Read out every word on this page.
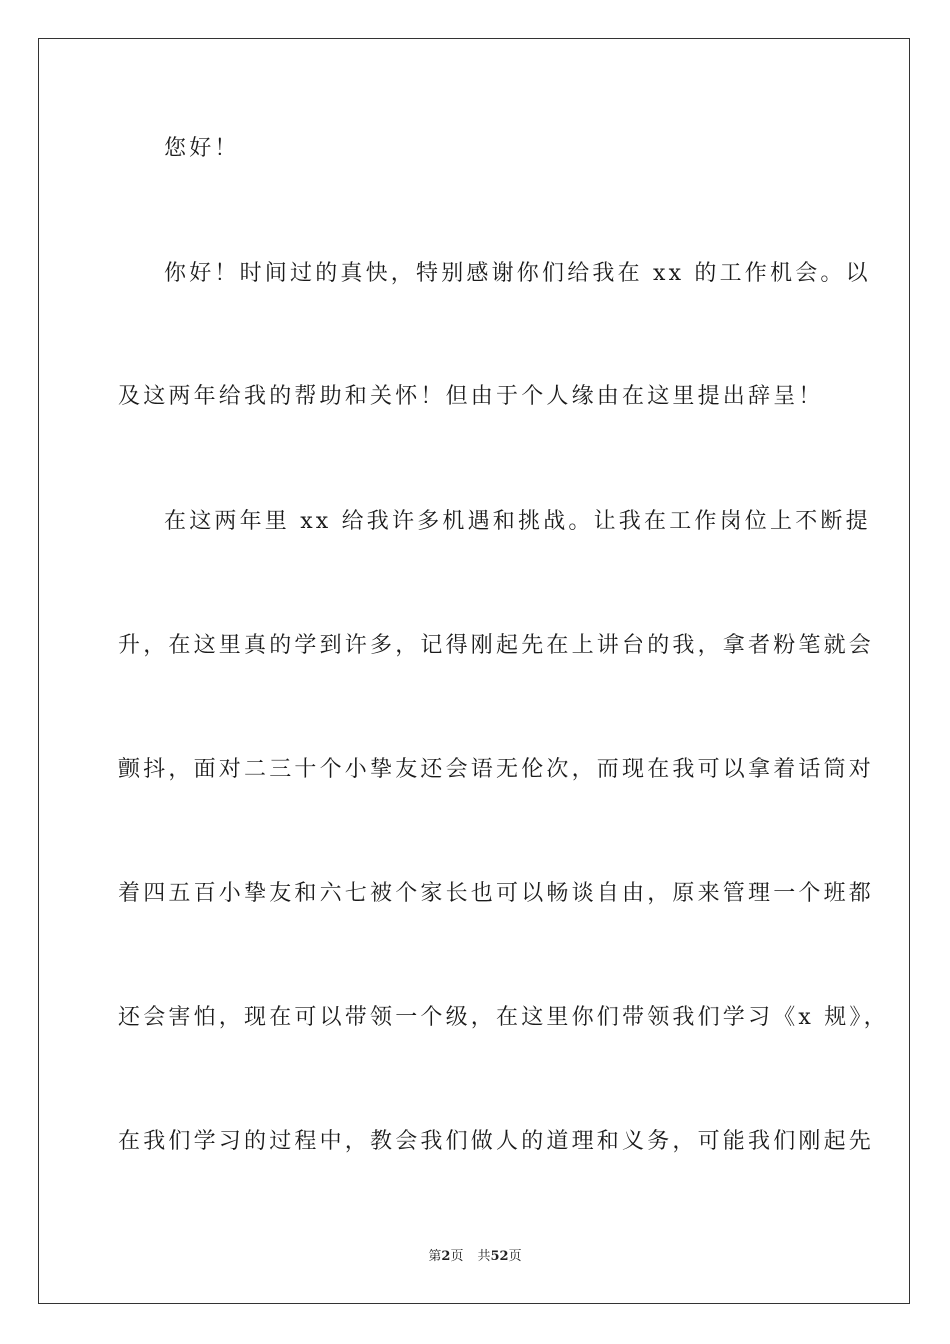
您好！
你好！时间过的真快，特别感谢你们给我在 xx 的工作机会。以
及这两年给我的帮助和关怀！但由于个人缘由在这里提出辞呈！
在这两年里 xx 给我许多机遇和挑战。让我在工作岗位上不断提
升，在这里真的学到许多，记得刚起先在上讲台的我，拿者粉笔就会
颤抖，面对二三十个小挚友还会语无伦次，而现在我可以拿着话筒对
着四五百小挚友和六七被个家长也可以畅谈自由，原来管理一个班都
还会害怕，现在可以带领一个级，在这里你们带领我们学习《x 规》，
在我们学习的过程中，教会我们做人的道理和义务，可能我们刚起先
第2页 共52页
